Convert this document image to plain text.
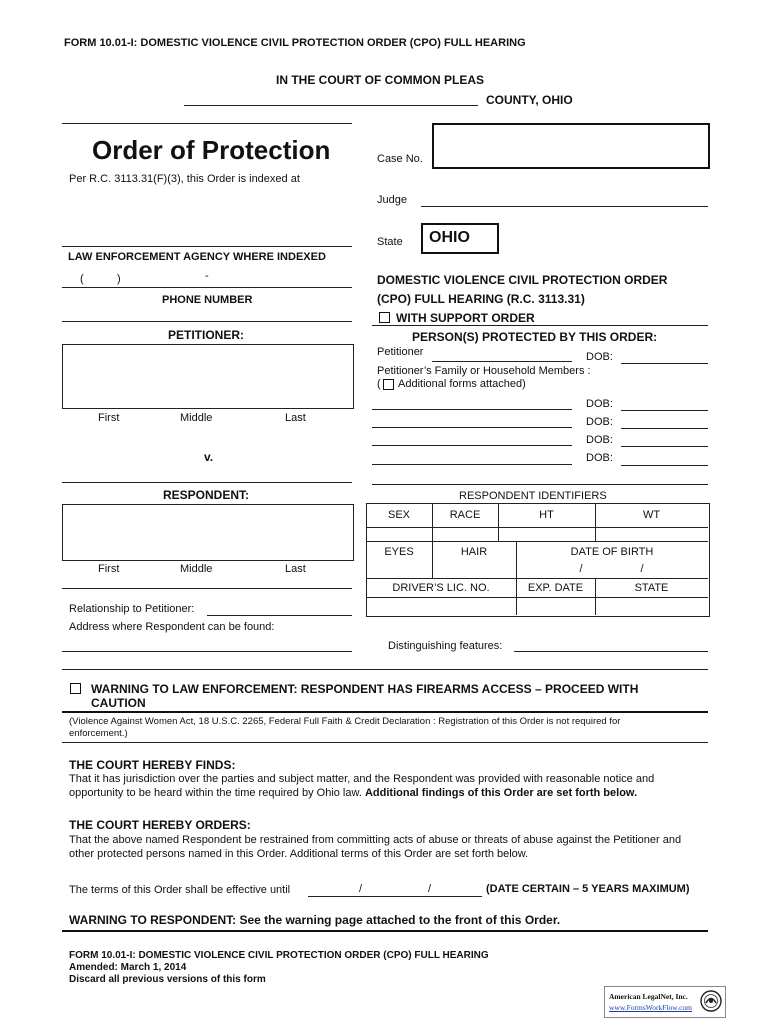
FORM 10.01-I: DOMESTIC VIOLENCE CIVIL PROTECTION ORDER (CPO) FULL HEARING
IN THE COURT OF COMMON PLEAS
COUNTY, OHIO
Order of Protection
Per R.C. 3113.31(F)(3), this Order is indexed at
LAW ENFORCEMENT AGENCY WHERE INDEXED
(	)	-
PHONE NUMBER
PETITIONER:
First	Middle	Last
v.
RESPONDENT:
First	Middle	Last
Relationship to Petitioner:
Address where Respondent can be found:
Case No.
Judge
State OHIO
DOMESTIC VIOLENCE CIVIL PROTECTION ORDER
(CPO) FULL HEARING (R.C. 3113.31)
WITH SUPPORT ORDER
PERSON(S) PROTECTED BY THIS ORDER:
Petitioner	DOB:
Petitioner’s Family or Household Members :
( Additional forms attached)
DOB:
DOB:
DOB:
DOB:
RESPONDENT IDENTIFIERS
SEX	RACE	HT	WT
EYES	HAIR	DATE OF BIRTH
/	/
DRIVER’S LIC. NO.	EXP. DATE	STATE
Distinguishing features:
WARNING TO LAW ENFORCEMENT: RESPONDENT HAS FIREARMS ACCESS – PROCEED WITH
CAUTION
(Violence Against Women Act, 18 U.S.C. 2265, Federal Full Faith & Credit Declaration : Registration of this Order is not required for
enforcement.)
THE COURT HEREBY FINDS:
That it has jurisdiction over the parties and subject matter, and the Respondent was provided with reasonable notice and
opportunity to be heard within the time required by Ohio law. Additional findings of this Order are set forth below.
THE COURT HEREBY ORDERS:
That the above named Respondent be restrained from committing acts of abuse or threats of abuse against the Petitioner and
other protected persons named in this Order. Additional terms of this Order are set forth below.
The terms of this Order shall be effective until	/	/	(DATE CERTAIN – 5 YEARS MAXIMUM)
WARNING TO RESPONDENT: See the warning page attached to the front of this Order.
FORM 10.01-I: DOMESTIC VIOLENCE CIVIL PROTECTION ORDER (CPO) FULL HEARING
Amended: March 1, 2014
Discard all previous versions of this form
American LegalNet, Inc.
www.FormsWorkFlow.com
